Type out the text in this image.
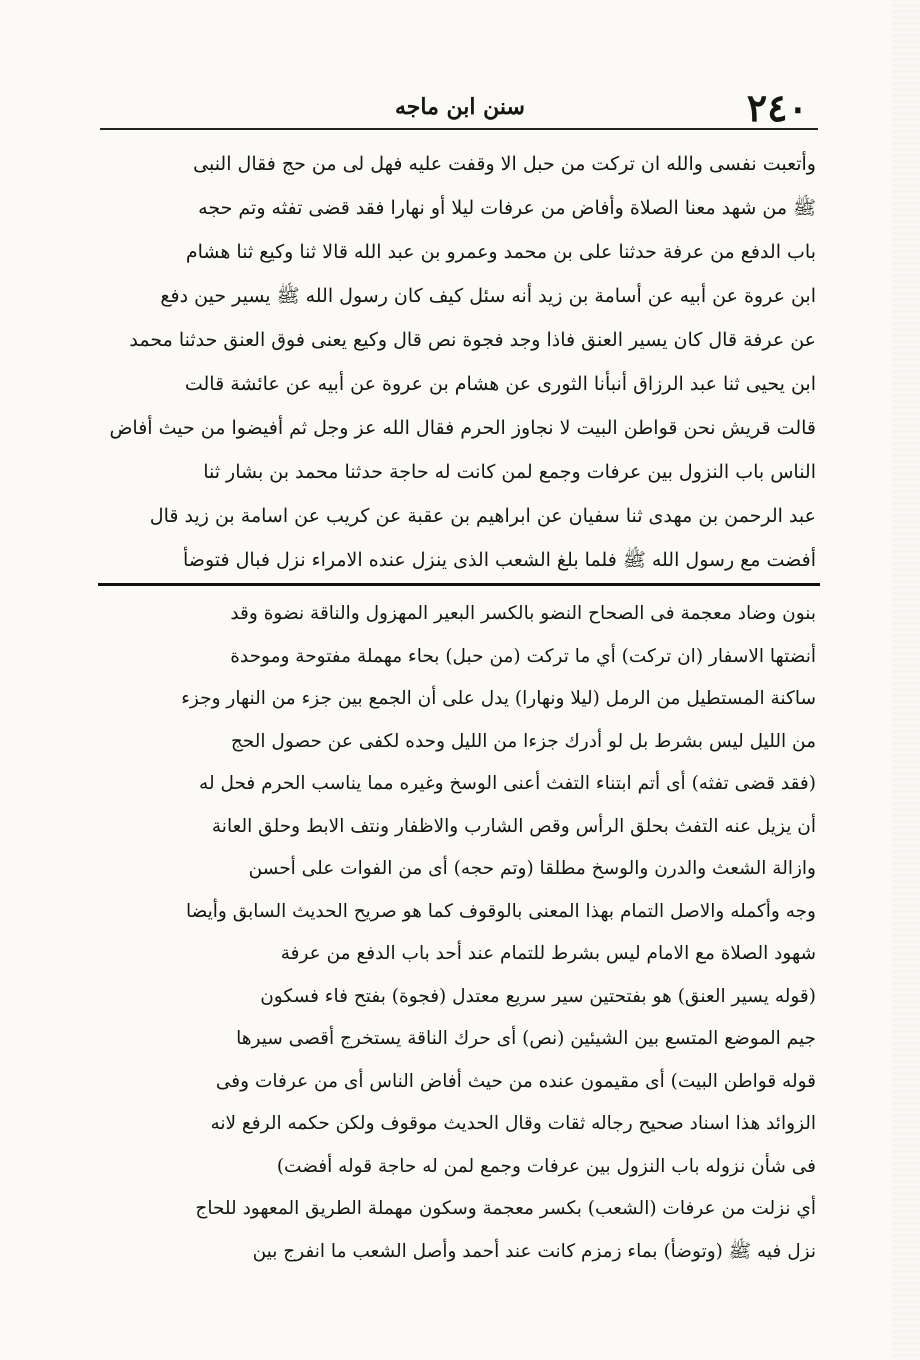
سنن ابن ماجه	٢٤٠
وأتعبت نفسى والله ان تركت من حبل الا وقفت عليه فهل لى من حج فقال النبى
ﷺ من شهد معنا الصلاة وأفاض من عرفات ليلا أو نهارا فقد قضى تفثه وتم حجه
باب الدفع من عرفة حدثنا على بن محمد وعمرو بن عبد الله قالا ثنا وكيع ثنا هشام
ابن عروة عن أبيه عن أسامة بن زيد أنه سئل كيف كان رسول الله ﷺ يسير حين دفع
عن عرفة قال كان يسير العنق فاذا وجد فجوة نص قال وكيع يعنى فوق العنق حدثنا محمد
ابن يحيى ثنا عبد الرزاق أنبأنا الثورى عن هشام بن عروة عن أبيه عن عائشة قالت
قالت قريش نحن قواطن البيت لا نجاوز الحرم فقال الله عز وجل ثم أفيضوا من حيث أفاض
الناس باب النزول بين عرفات وجمع لمن كانت له حاجة حدثنا محمد بن بشار ثنا
عبد الرحمن بن مهدى ثنا سفيان عن ابراهيم بن عقبة عن كريب عن اسامة بن زيد قال
أفضت مع رسول الله ﷺ فلما بلغ الشعب الذى ينزل عنده الامراء نزل فبال فتوضأ
بنون وضاد معجمة فى الصحاح النضو بالكسر البعير المهزول والناقة نضوة وقد
أنضتها الاسفار (ان تركت) أي ما تركت (من حبل) بحاء مهملة مفتوحة وموحدة
ساكنة المستطيل من الرمل (ليلا ونهارا) يدل على أن الجمع بين جزء من النهار وجزء
من الليل ليس بشرط بل لو أدرك جزءا من الليل وحده لكفى عن حصول الحج
(فقد قضى تفثه) أى أتم ابتناء التفث أعنى الوسخ وغيره مما يناسب الحرم فحل له
أن يزيل عنه التفث بحلق الرأس وقص الشارب والاظفار ونتف الابط وحلق العانة
وازالة الشعث والدرن والوسخ مطلقا (وتم حجه) أى من الفوات على أحسن
وجه وأكمله والاصل التمام بهذا المعنى بالوقوف كما هو صريح الحديث السابق وأيضا
شهود الصلاة مع الامام ليس بشرط للتمام عند أحد باب الدفع من عرفة
(قوله يسير العنق) هو بفتحتين سير سريع معتدل (فجوة) بفتح فاء فسكون
جيم الموضع المتسع بين الشيئين (نص) أى حرك الناقة يستخرج أقصى سيرها
قوله قواطن البيت) أى مقيمون عنده من حيث أفاض الناس أى من عرفات وفى
الزوائد هذا اسناد صحيح رجاله ثقات وقال الحديث موقوف ولكن حكمه الرفع لانه
فى شأن نزوله باب النزول بين عرفات وجمع لمن له حاجة قوله أفضت)
أي نزلت من عرفات (الشعب) بكسر معجمة وسكون مهملة الطريق المعهود للحاج
نزل فيه ﷺ (وتوضأ) بماء زمزم كانت عند أحمد وأصل الشعب ما انفرج بين
